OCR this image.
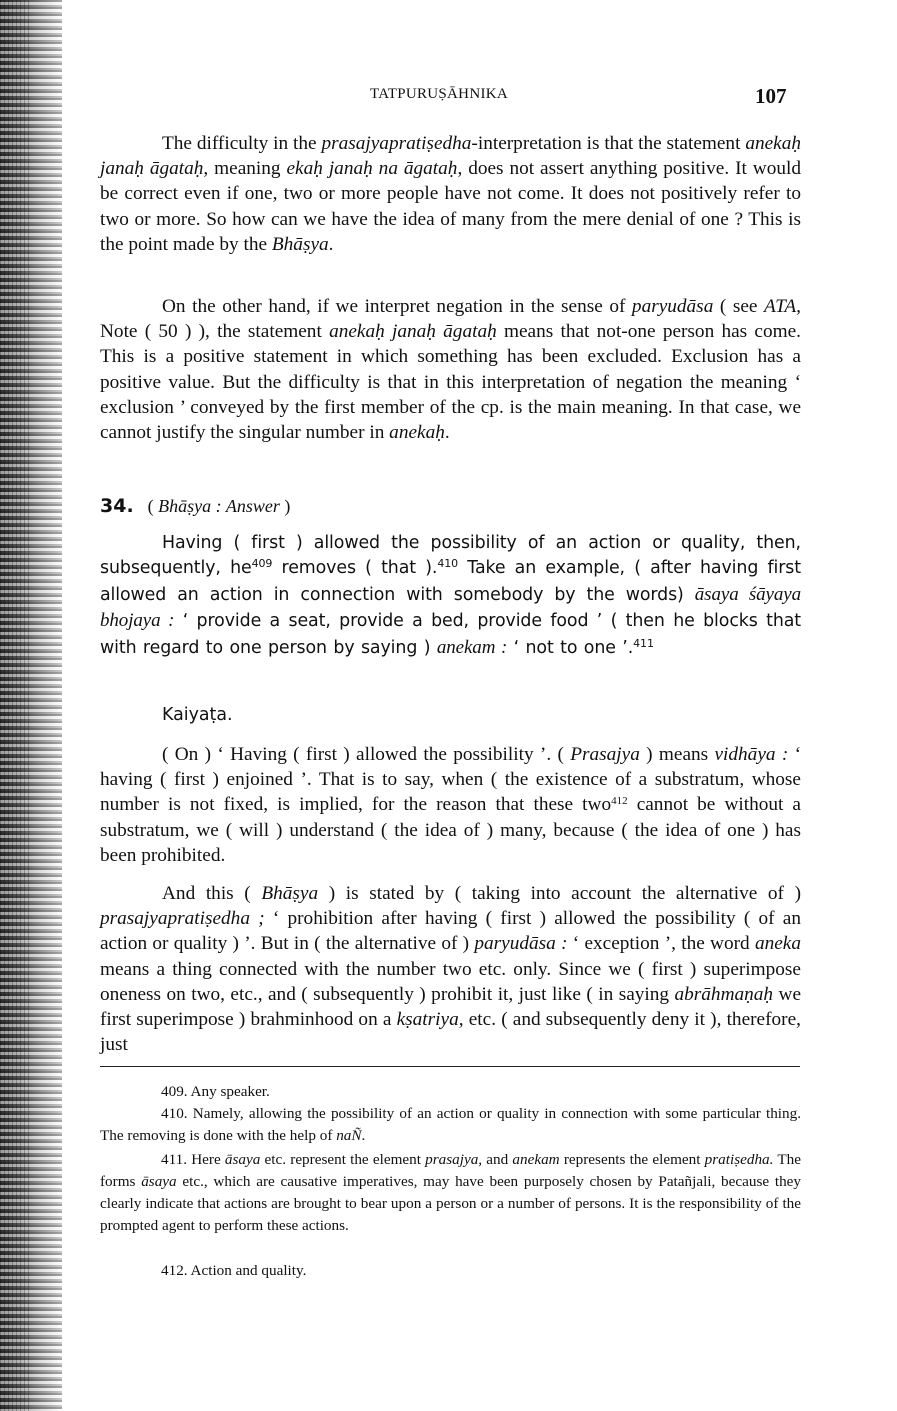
TATPURUṢĀHNIKA	107

The difficulty in the prasajyapratiṣedha-interpretation is that the statement anekaḥ janaḥ āgataḥ, meaning ekaḥ janaḥ na āgataḥ, does not assert anything positive. It would be correct even if one, two or more people have not come. It does not positively refer to two or more. So how can we have the idea of many from the mere denial of one ? This is the point made by the Bhāṣya.

On the other hand, if we interpret negation in the sense of paryudāsa ( see ATA, Note ( 50 ) ), the statement anekaḥ janaḥ āgataḥ means that not-one person has come. This is a positive statement in which something has been excluded. Exclusion has a positive value. But the difficulty is that in this interpretation of negation the meaning ‘ exclusion ’ conveyed by the first member of the cp. is the main meaning. In that case, we cannot justify the singular number in anekaḥ.

34. ( Bhāṣya : Answer )

Having ( first ) allowed the possibility of an action or quality, then, subsequently, $he^{409}$ removes ( that ).$^{410}$ Take an example, ( after having first allowed an action in connection with somebody by the words) āsaya śāyaya bhojaya : ‘ provide a seat, provide a bed, provide food ’ ( then he blocks that with regard to one person by saying ) anekam : ‘ not to one ’.$^{411}$

Kaiyaṭa.

( On ) ‘ Having ( first ) allowed the possibility ’. ( Prasajya ) means vidhāya : ‘ having ( first ) enjoined ’. That is to say, when ( the existence of a substratum, whose number is not fixed, is implied, for the reason that these two$^{412}$ cannot be without a substratum, we ( will ) understand ( the idea of ) many, because ( the idea of one ) has been prohibited.

And this ( Bhāṣya ) is stated by ( taking into account the alternative of ) prasajyapratiṣedha ; ‘ prohibition after having ( first ) allowed the possibility ( of an action or quality ) ’. But in ( the alternative of ) paryudāsa : ‘ exception ’, the word aneka means a thing connected with the number two etc. only. Since we ( first ) superimpose oneness on two, etc., and ( subsequently ) prohibit it, just like ( in saying abrāhmaṇaḥ we first superimpose ) brahminhood on a kṣatriya, etc. ( and subsequently deny it ), therefore, just

409. Any speaker.

410. Namely, allowing the possibility of an action or quality in connection with some particular thing. The removing is done with the help of naÑ.

411. Here āsaya etc. represent the element prasajya, and anekam represents the element pratiṣedha. The forms āsaya etc., which are causative imperatives, may have been purposely chosen by Patañjali, because they clearly indicate that actions are brought to bear upon a person or a number of persons. It is the responsibility of the prompted agent to perform these actions.

412. Action and quality.
